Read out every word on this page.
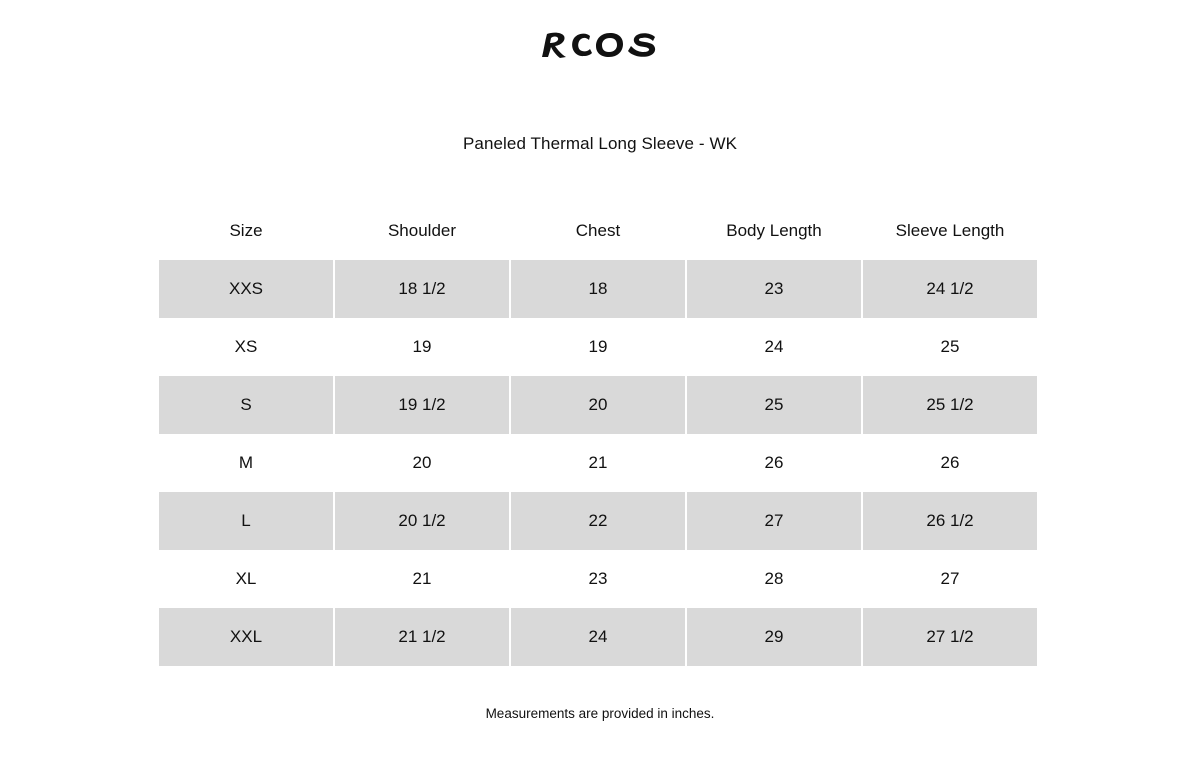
Paneled Thermal Long Sleeve - WK
Size	Shoulder	Chest	Body Length	Sleeve Length
XXS	18 1/2	18	23	24 1/2
XS	19	19	24	25
S	19 1/2	20	25	25 1/2
M	20	21	26	26
L	20 1/2	22	27	26 1/2
XL	21	23	28	27
XXL	21 1/2	24	29	27 1/2
Measurements are provided in inches.
